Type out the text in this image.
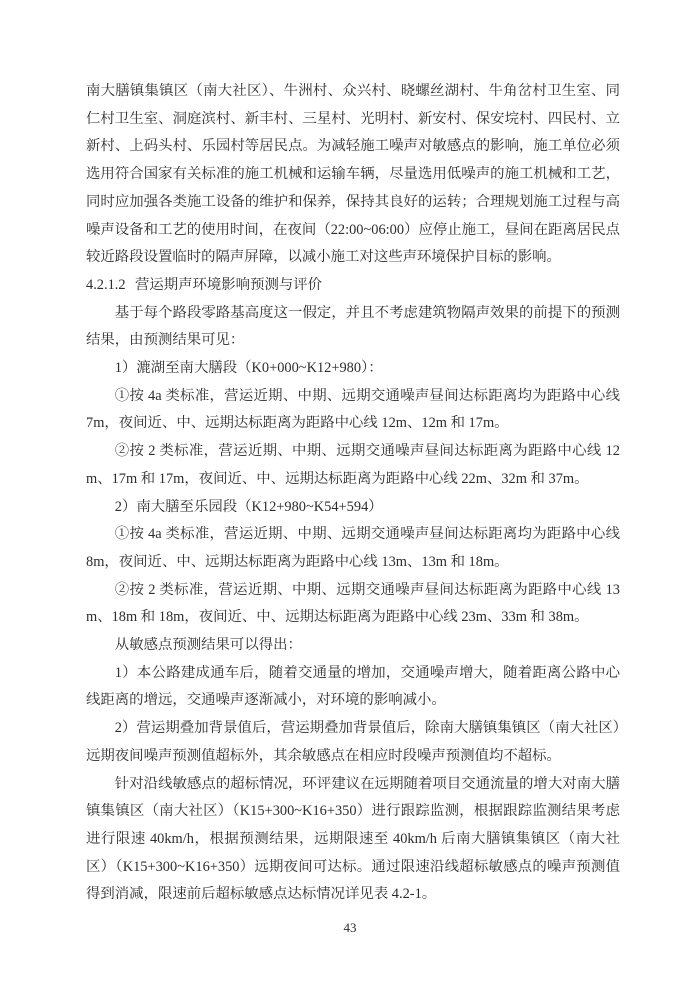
南大膳镇集镇区（南大社区）、牛洲村、众兴村、晓螺丝湖村、牛角岔村卫生室、同仁村卫生室、洞庭滨村、新丰村、三星村、光明村、新安村、保安垸村、四民村、立新村、上码头村、乐园村等居民点。为减轻施工噪声对敏感点的影响，施工单位必须选用符合国家有关标准的施工机械和运输车辆，尽量选用低噪声的施工机械和工艺，同时应加强各类施工设备的维护和保养，保持其良好的运转；合理规划施工过程与高噪声设备和工艺的使用时间，在夜间（22:00~06:00）应停止施工，昼间在距离居民点较近路段设置临时的隔声屏障，以减小施工对这些声环境保护目标的影响。

4.2.1.2 营运期声环境影响预测与评价

基于每个路段零路基高度这一假定，并且不考虑建筑物隔声效果的前提下的预测结果，由预测结果可见：

1）漉湖至南大膳段（K0+000~K12+980）：

①按 4a 类标准，营运近期、中期、远期交通噪声昼间达标距离均为距路中心线 7m，夜间近、中、远期达标距离为距路中心线 12m、12m 和 17m。

②按 2 类标准，营运近期、中期、远期交通噪声昼间达标距离为距路中心线 12m、17m 和 17m，夜间近、中、远期达标距离为距路中心线 22m、32m 和 37m。

2）南大膳至乐园段（K12+980~K54+594）

①按 4a 类标准，营运近期、中期、远期交通噪声昼间达标距离均为距路中心线 8m，夜间近、中、远期达标距离为距路中心线 13m、13m 和 18m。

②按 2 类标准，营运近期、中期、远期交通噪声昼间达标距离为距路中心线 13m、18m 和 18m，夜间近、中、远期达标距离为距路中心线 23m、33m 和 38m。

从敏感点预测结果可以得出：

1）本公路建成通车后，随着交通量的增加，交通噪声增大，随着距离公路中心线距离的增远，交通噪声逐渐减小，对环境的影响减小。

2）营运期叠加背景值后，营运期叠加背景值后，除南大膳镇集镇区（南大社区）远期夜间噪声预测值超标外，其余敏感点在相应时段噪声预测值均不超标。

针对沿线敏感点的超标情况，环评建议在远期随着项目交通流量的增大对南大膳镇集镇区（南大社区）（K15+300~K16+350）进行跟踪监测，根据跟踪监测结果考虑进行限速 40km/h，根据预测结果，远期限速至 40km/h 后南大膳镇集镇区（南大社区）（K15+300~K16+350）远期夜间可达标。通过限速沿线超标敏感点的噪声预测值得到消减，限速前后超标敏感点达标情况详见表 4.2-1。

43
